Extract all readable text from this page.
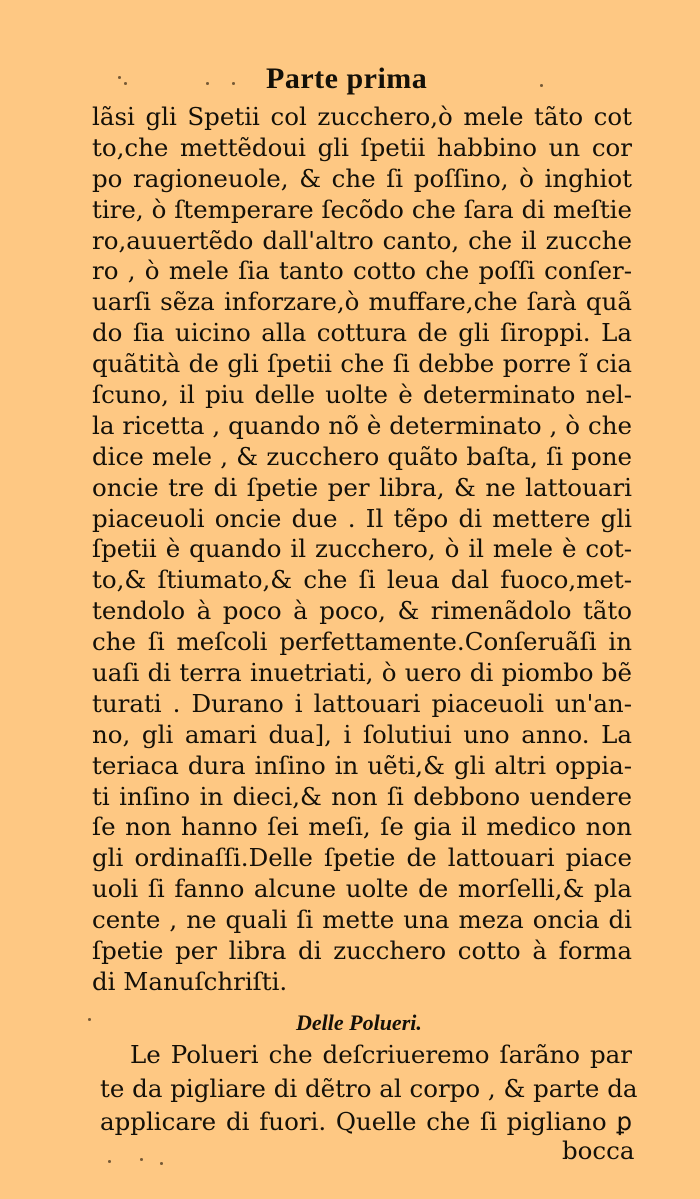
Parte prima
lãsi gli Spetii col zucchero,ò mele tãto cot
to,che mettẽdoui gli ſpetii habbino un cor
po ragioneuole, & che ſi poſſino, ò inghiot
tire, ò ſtemperare ſecõdo che ſara di meſtie
ro,auuertẽdo dall'altro canto, che il zucche
ro , ò mele ſia tanto cotto che poſſi conſer-
uarſi sẽza inforzare,ò muffare,che ſarà quã
do ſia uicino alla cottura de gli ſiroppi. La
quãtità de gli ſpetii che ſi debbe porre ĩ cia
ſcuno, il piu delle uolte è determinato nel-
la ricetta , quando nõ è determinato , ò che
dice mele , & zucchero quãto baſta, ſi pone
oncie tre di ſpetie per libra, & ne lattouari
piaceuoli oncie due . Il tẽpo di mettere gli
ſpetii è quando il zucchero, ò il mele è cot-
to,& ſtiumato,& che ſi leua dal fuoco,met-
tendolo à poco à poco, & rimenãdolo tãto
che ſi meſcoli perfettamente.Conſeruãſi in
uaſi di terra inuetriati, ò uero di piombo bẽ
turati . Durano i lattouari piaceuoli un'an-
no, gli amari dua], i ſolutiui uno anno. La
teriaca dura inſino in uẽti,& gli altri oppia-
ti inſino in dieci,& non ſi debbono uendere
ſe non hanno ſei meſi, ſe gia il medico non
gli ordinaſſi.Delle ſpetie de lattouari piace
uoli ſi fanno alcune uolte de morſelli,& pla
cente , ne quali ſi mette una meza oncia di
ſpetie per libra di zucchero cotto à forma
di Manuſchriſti.
Delle Polueri.
Le Polueri che deſcriueremo ſarãno par
te da pigliare di dẽtro al corpo , & parte da
applicare di fuori. Quelle che ſi pigliano ꝑ
bocca
